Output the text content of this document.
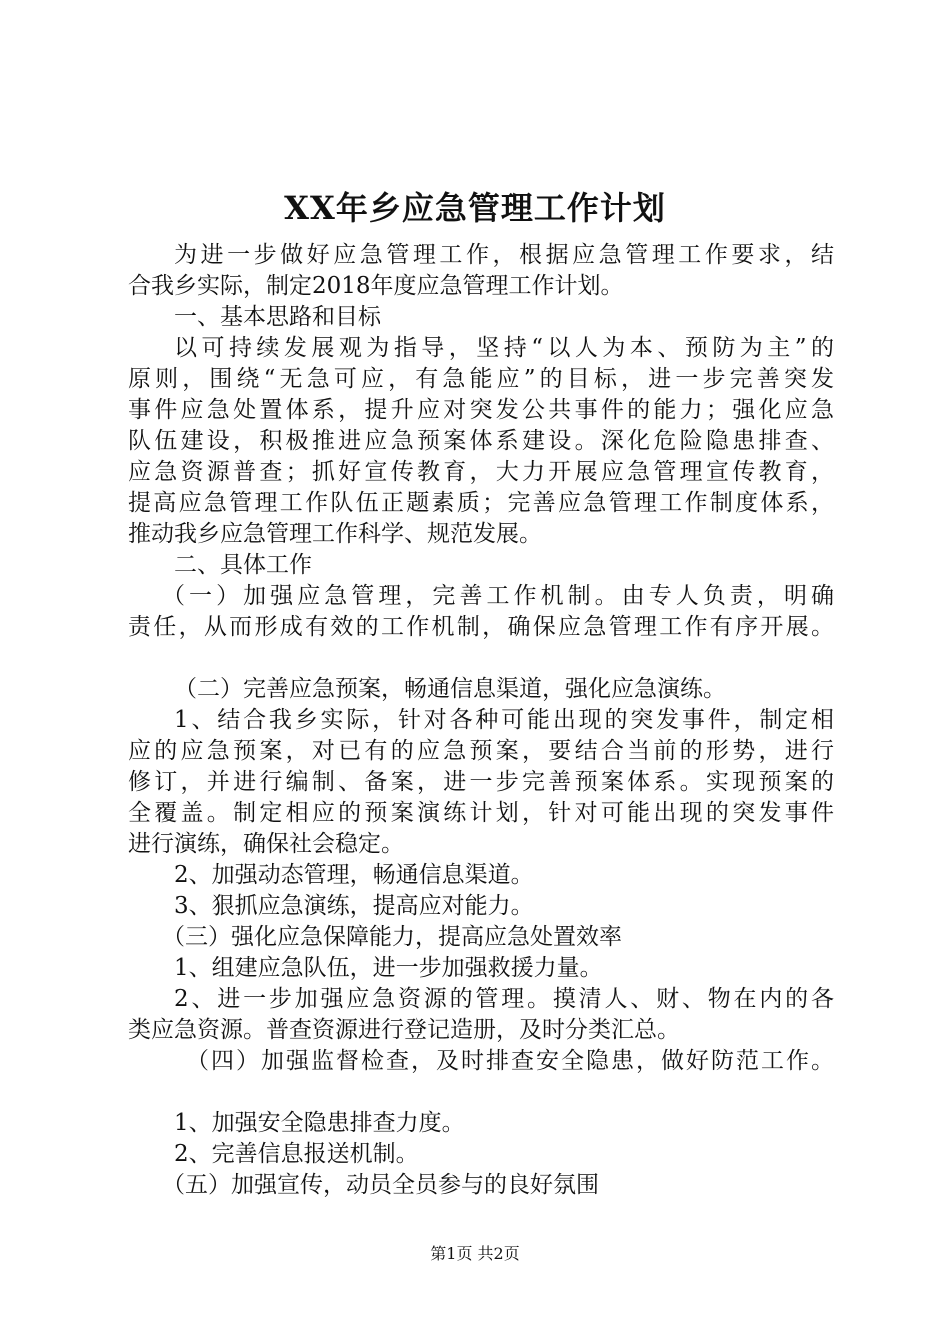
XX年乡应急管理工作计划
为进一步做好应急管理工作，根据应急管理工作要求，结
合我乡实际，制定2018年度应急管理工作计划。
一、基本思路和目标
以可持续发展观为指导，坚持“以人为本、预防为主”的
原则，围绕“无急可应，有急能应”的目标，进一步完善突发
事件应急处置体系，提升应对突发公共事件的能力；强化应急
队伍建设，积极推进应急预案体系建设。深化危险隐患排查、
应急资源普查；抓好宣传教育，大力开展应急管理宣传教育，
提高应急管理工作队伍正题素质；完善应急管理工作制度体系，
推动我乡应急管理工作科学、规范发展。
二、具体工作
（一）加强应急管理，完善工作机制。由专人负责，明确
责任，从而形成有效的工作机制，确保应急管理工作有序开展。
（二）完善应急预案，畅通信息渠道，强化应急演练。
1、结合我乡实际，针对各种可能出现的突发事件，制定相
应的应急预案，对已有的应急预案，要结合当前的形势，进行
修订，并进行编制、备案，进一步完善预案体系。实现预案的
全覆盖。制定相应的预案演练计划，针对可能出现的突发事件
进行演练，确保社会稳定。
2、加强动态管理，畅通信息渠道。
3、狠抓应急演练，提高应对能力。
（三）强化应急保障能力，提高应急处置效率
1、组建应急队伍，进一步加强救援力量。
2、进一步加强应急资源的管理。摸清人、财、物在内的各
类应急资源。普查资源进行登记造册，及时分类汇总。
（四）加强监督检查，及时排查安全隐患，做好防范工作。
1、加强安全隐患排查力度。
2、完善信息报送机制。
（五）加强宣传，动员全员参与的良好氛围
第1页 共2页
